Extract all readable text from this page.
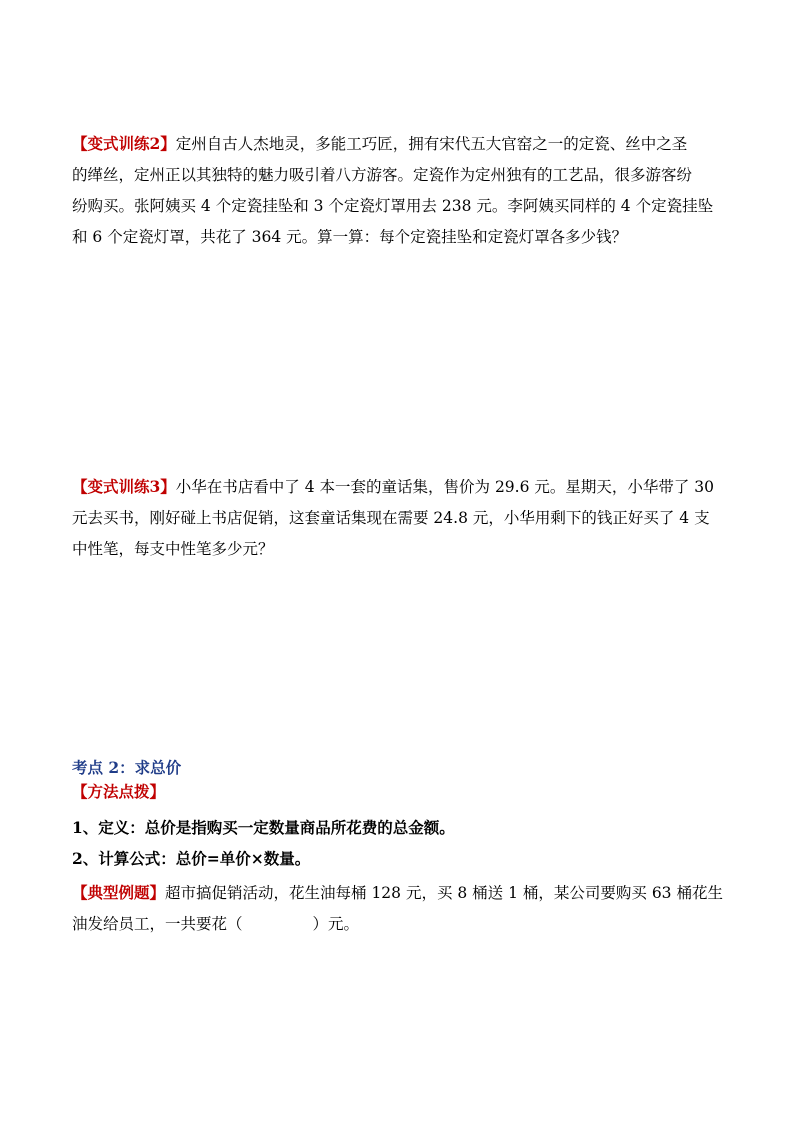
【变式训练2】定州自古人杰地灵，多能工巧匠，拥有宋代五大官窑之一的定瓷、丝中之圣
的缂丝，定州正以其独特的魅力吸引着八方游客。定瓷作为定州独有的工艺品，很多游客纷
纷购买。张阿姨买 4 个定瓷挂坠和 3 个定瓷灯罩用去 238 元。李阿姨买同样的 4 个定瓷挂坠
和 6 个定瓷灯罩，共花了 364 元。算一算：每个定瓷挂坠和定瓷灯罩各多少钱？
【变式训练3】小华在书店看中了 4 本一套的童话集，售价为 29.6 元。星期天，小华带了 30
元去买书，刚好碰上书店促销，这套童话集现在需要 24.8 元，小华用剩下的钱正好买了 4 支
中性笔，每支中性笔多少元？
考点 2：求总价
【方法点拨】
1、定义：总价是指购买一定数量商品所花费的总金额。
2、计算公式：总价=单价×数量。
【典型例题】超市搞促销活动，花生油每桶 128 元，买 8 桶送 1 桶，某公司要购买 63 桶花生
油发给员工，一共要花（	）元。
